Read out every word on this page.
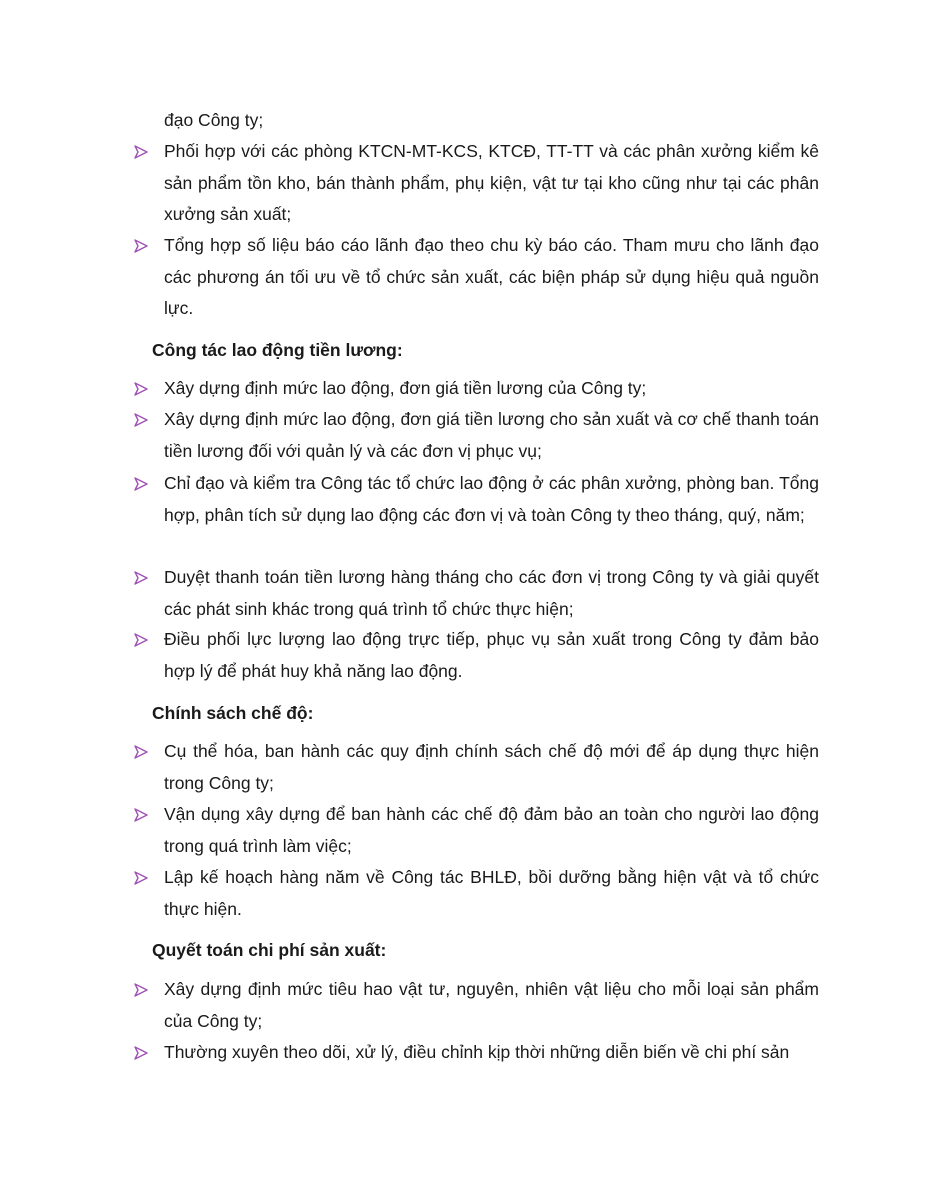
đạo Công ty;

Phối hợp với các phòng KTCN-MT-KCS, KTCĐ, TT-TT và các phân xưởng kiểm kê sản phẩm tồn kho, bán thành phẩm, phụ kiện, vật tư tại kho cũng như tại các phân xưởng sản xuất;

Tổng hợp số liệu báo cáo lãnh đạo theo chu kỳ báo cáo. Tham mưu cho lãnh đạo các phương án tối ưu về tổ chức sản xuất, các biện pháp sử dụng hiệu quả nguồn lực.

Công tác lao động tiền lương:

Xây dựng định mức lao động, đơn giá tiền lương của Công ty;

Xây dựng định mức lao động, đơn giá tiền lương cho sản xuất và cơ chế thanh toán tiền lương đối với quản lý và các đơn vị phục vụ;

Chỉ đạo và kiểm tra Công tác tổ chức lao động ở các phân xưởng, phòng ban. Tổng hợp, phân tích sử dụng lao động các đơn vị và toàn Công ty theo tháng, quý, năm;

Duyệt thanh toán tiền lương hàng tháng cho các đơn vị trong Công ty và giải quyết các phát sinh khác trong quá trình tổ chức thực hiện;

Điều phối lực lượng lao động trực tiếp, phục vụ sản xuất trong Công ty đảm bảo hợp lý để phát huy khả năng lao động.

Chính sách chế độ:

Cụ thể hóa, ban hành các quy định chính sách chế độ mới để áp dụng thực hiện trong Công ty;

Vận dụng xây dựng để ban hành các chế độ đảm bảo an toàn cho người lao động trong quá trình làm việc;

Lập kế hoạch hàng năm về Công tác BHLĐ, bồi dưỡng bằng hiện vật và tổ chức thực hiện.

Quyết toán chi phí sản xuất:

Xây dựng định mức tiêu hao vật tư, nguyên, nhiên vật liệu cho mỗi loại sản phẩm của Công ty;

Thường xuyên theo dõi, xử lý, điều chỉnh kịp thời những diễn biến về chi phí sản
